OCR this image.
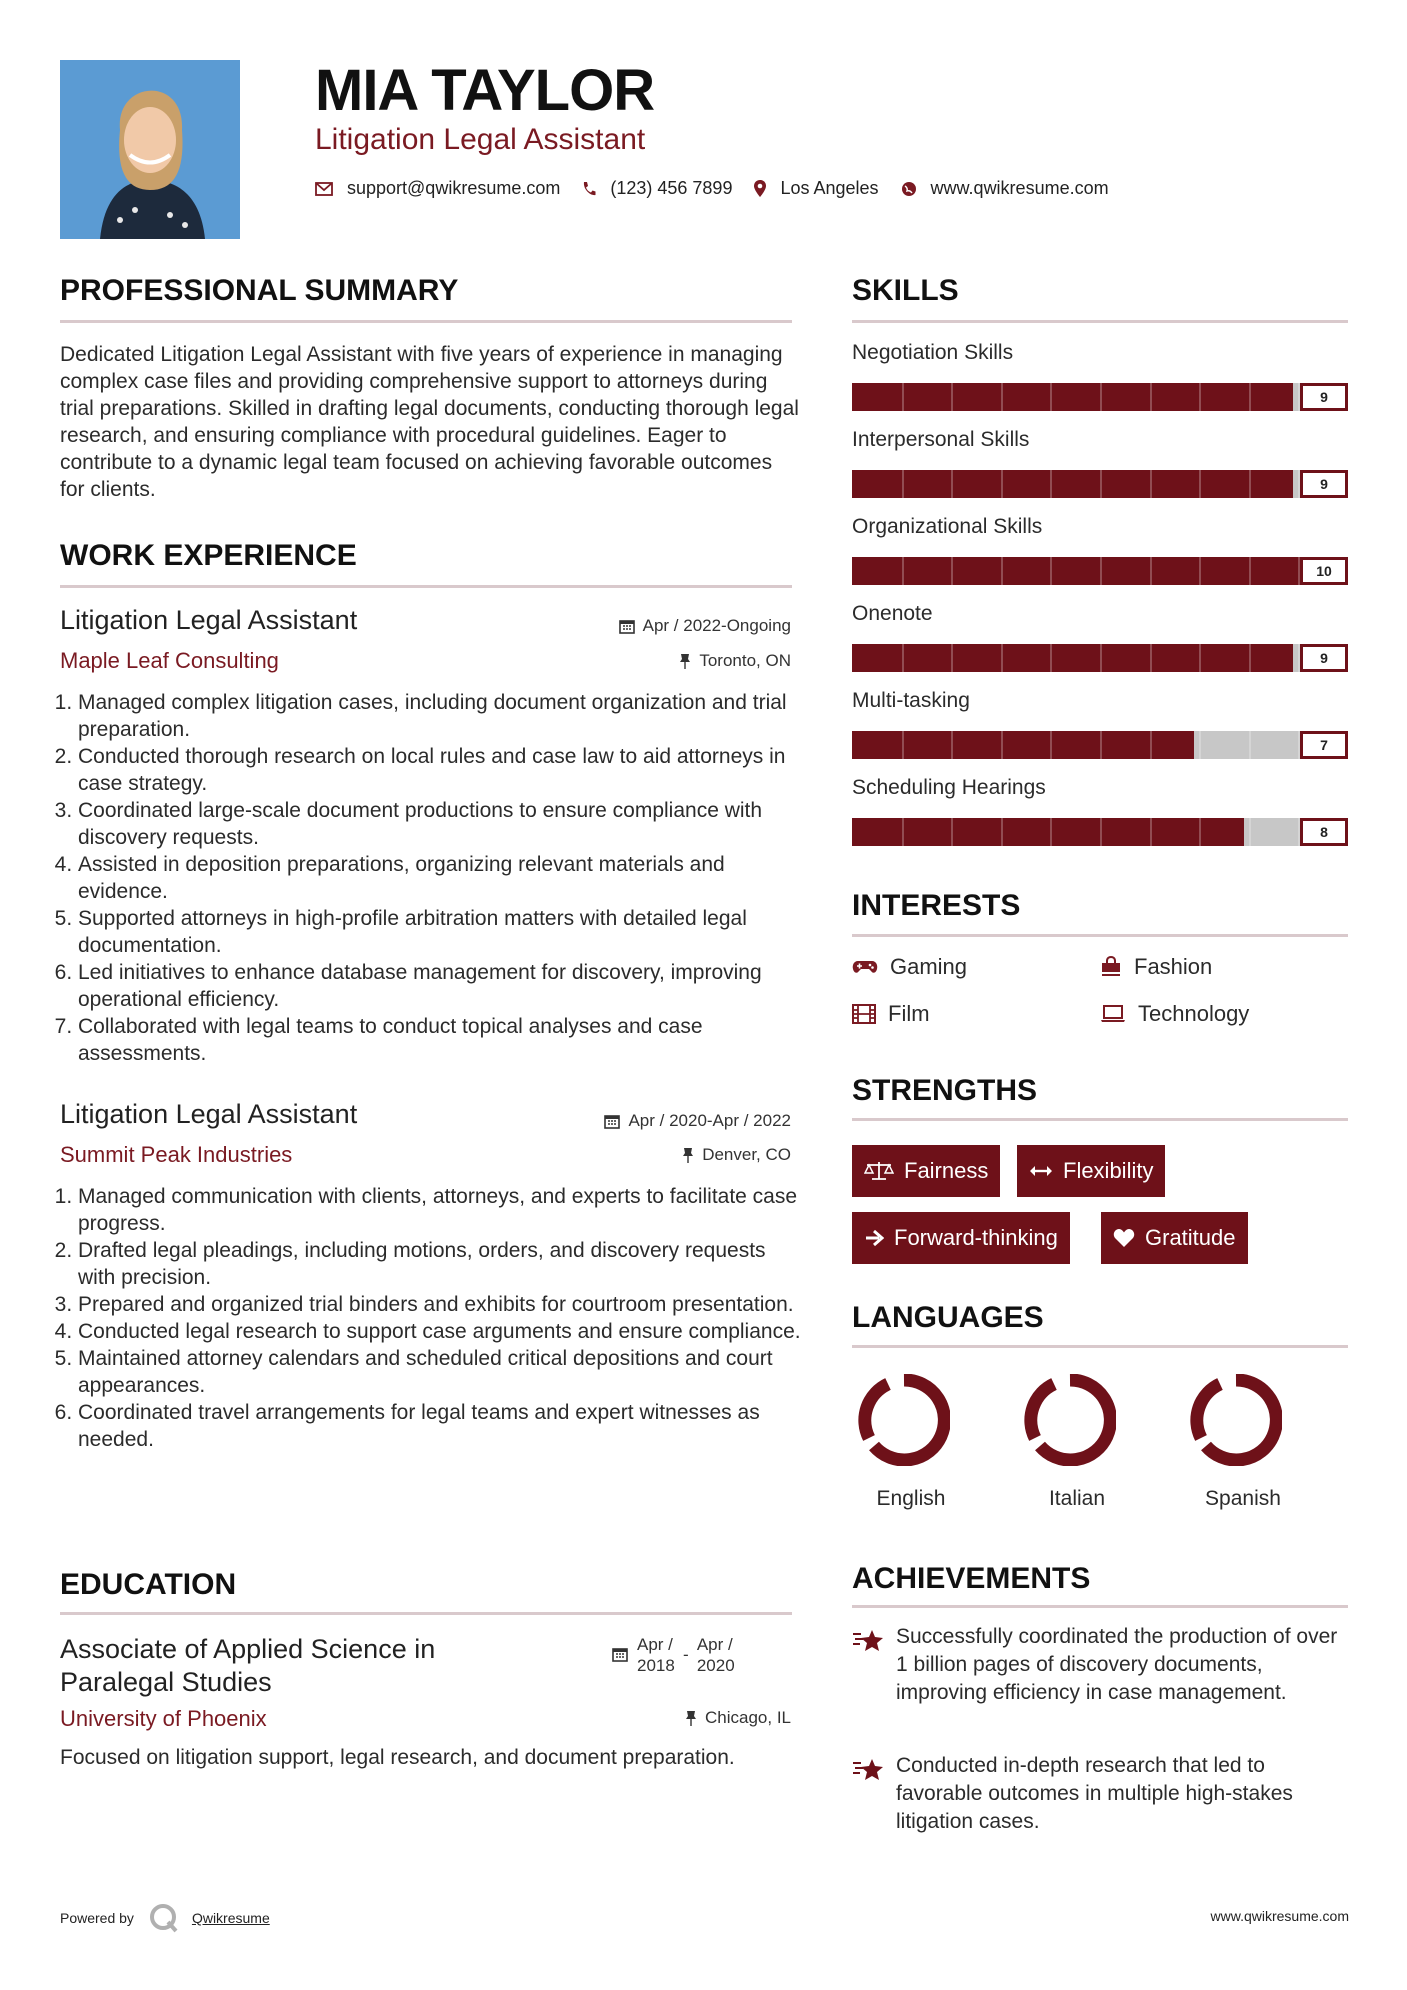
MIA TAYLOR
Litigation Legal Assistant
support@qwikresume.com	(123) 456 7899	Los Angeles	www.qwikresume.com
PROFESSIONAL SUMMARY
Dedicated Litigation Legal Assistant with five years of experience in managing complex case files and providing comprehensive support to attorneys during trial preparations. Skilled in drafting legal documents, conducting thorough legal research, and ensuring compliance with procedural guidelines. Eager to contribute to a dynamic legal team focused on achieving favorable outcomes for clients.
WORK EXPERIENCE
Litigation Legal Assistant	Apr / 2022-Ongoing
Maple Leaf Consulting	Toronto, ON
1. Managed complex litigation cases, including document organization and trial preparation.
2. Conducted thorough research on local rules and case law to aid attorneys in case strategy.
3. Coordinated large-scale document productions to ensure compliance with discovery requests.
4. Assisted in deposition preparations, organizing relevant materials and evidence.
5. Supported attorneys in high-profile arbitration matters with detailed legal documentation.
6. Led initiatives to enhance database management for discovery, improving operational efficiency.
7. Collaborated with legal teams to conduct topical analyses and case assessments.
Litigation Legal Assistant	Apr / 2020-Apr / 2022
Summit Peak Industries	Denver, CO
1. Managed communication with clients, attorneys, and experts to facilitate case progress.
2. Drafted legal pleadings, including motions, orders, and discovery requests with precision.
3. Prepared and organized trial binders and exhibits for courtroom presentation.
4. Conducted legal research to support case arguments and ensure compliance.
5. Maintained attorney calendars and scheduled critical depositions and court appearances.
6. Coordinated travel arrangements for legal teams and expert witnesses as needed.
EDUCATION
Associate of Applied Science in
Paralegal Studies
Apr /
2018
-
Apr /
2020
University of Phoenix	Chicago, IL
Focused on litigation support, legal research, and document preparation.
SKILLS
Negotiation Skills
9
Interpersonal Skills
9
Organizational Skills
10
Onenote
9
Multi-tasking
7
Scheduling Hearings
8
INTERESTS
Gaming	Fashion
Film	Technology
STRENGTHS
Fairness	Flexibility
Forward-thinking	Gratitude
LANGUAGES
English	Italian	Spanish
ACHIEVEMENTS
Successfully coordinated the production of over 1 billion pages of discovery documents, improving efficiency in case management.
Conducted in-depth research that led to favorable outcomes in multiple high-stakes litigation cases.
Powered by	Qwikresume	www.qwikresume.com
